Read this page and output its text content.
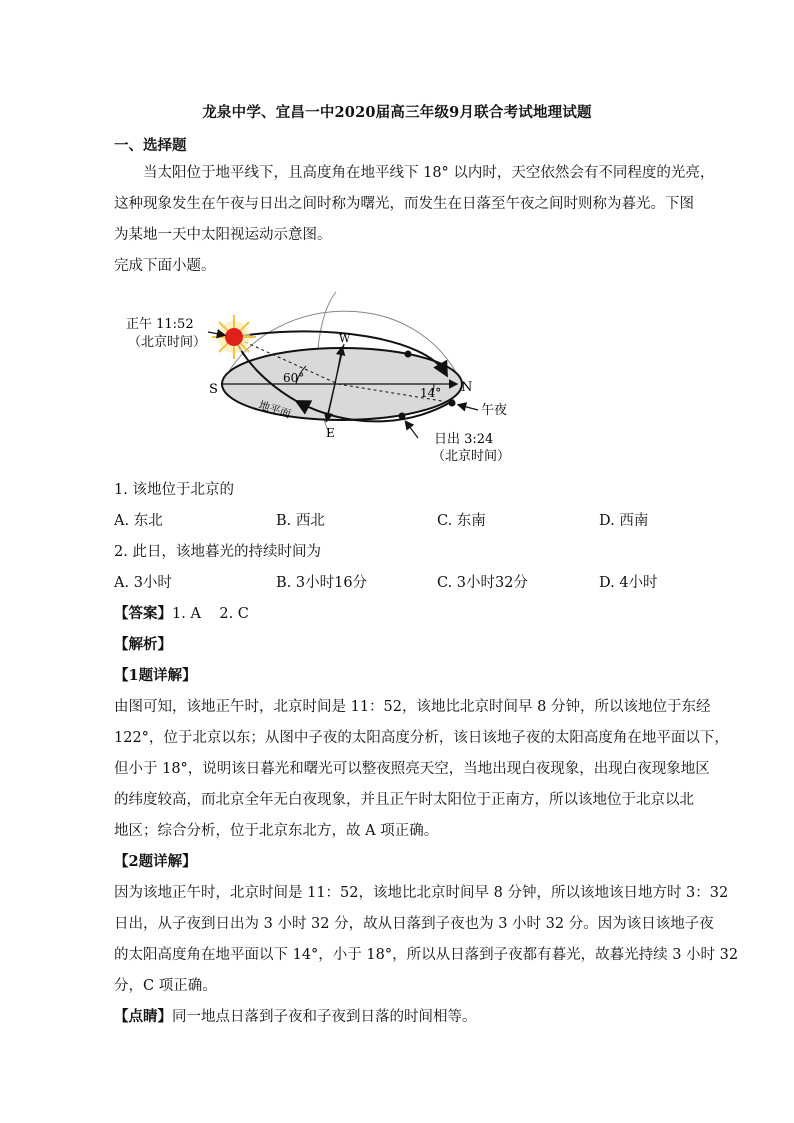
龙泉中学、宜昌一中2020届高三年级9月联合考试地理试题
一、选择题
当太阳位于地平线下，且高度角在地平线下 18° 以内时，天空依然会有不同程度的光亮，
这种现象发生在午夜与日出之间时称为曙光，而发生在日落至午夜之间时则称为暮光。下图
为某地一天中太阳视运动示意图。
完成下面小题。
正午 11:52
（北京时间）
S	N
W
E
60°
14°
地平面	午夜
日出 3:24
（北京时间）
1. 该地位于北京的
A. 东北	B. 西北	C. 东南	D. 西南
2. 此日，该地暮光的持续时间为
A. 3小时	B. 3小时16分	C. 3小时32分	D. 4小时
【答案】1. A    2. C
【解析】
【1题详解】
由图可知，该地正午时，北京时间是 11：52，该地比北京时间早 8 分钟，所以该地位于东经
122°，位于北京以东；从图中子夜的太阳高度分析，该日该地子夜的太阳高度角在地平面以下，
但小于 18°，说明该日暮光和曙光可以整夜照亮天空，当地出现白夜现象，出现白夜现象地区
的纬度较高，而北京全年无白夜现象，并且正午时太阳位于正南方，所以该地位于北京以北
地区；综合分析，位于北京东北方，故 A 项正确。
【2题详解】
因为该地正午时，北京时间是 11：52，该地比北京时间早 8 分钟，所以该地该日地方时 3：32
日出，从子夜到日出为 3 小时 32 分，故从日落到子夜也为 3 小时 32 分。因为该日该地子夜
的太阳高度角在地平面以下 14°，小于 18°，所以从日落到子夜都有暮光，故暮光持续 3 小时 32
分，C 项正确。
【点睛】同一地点日落到子夜和子夜到日落的时间相等。
